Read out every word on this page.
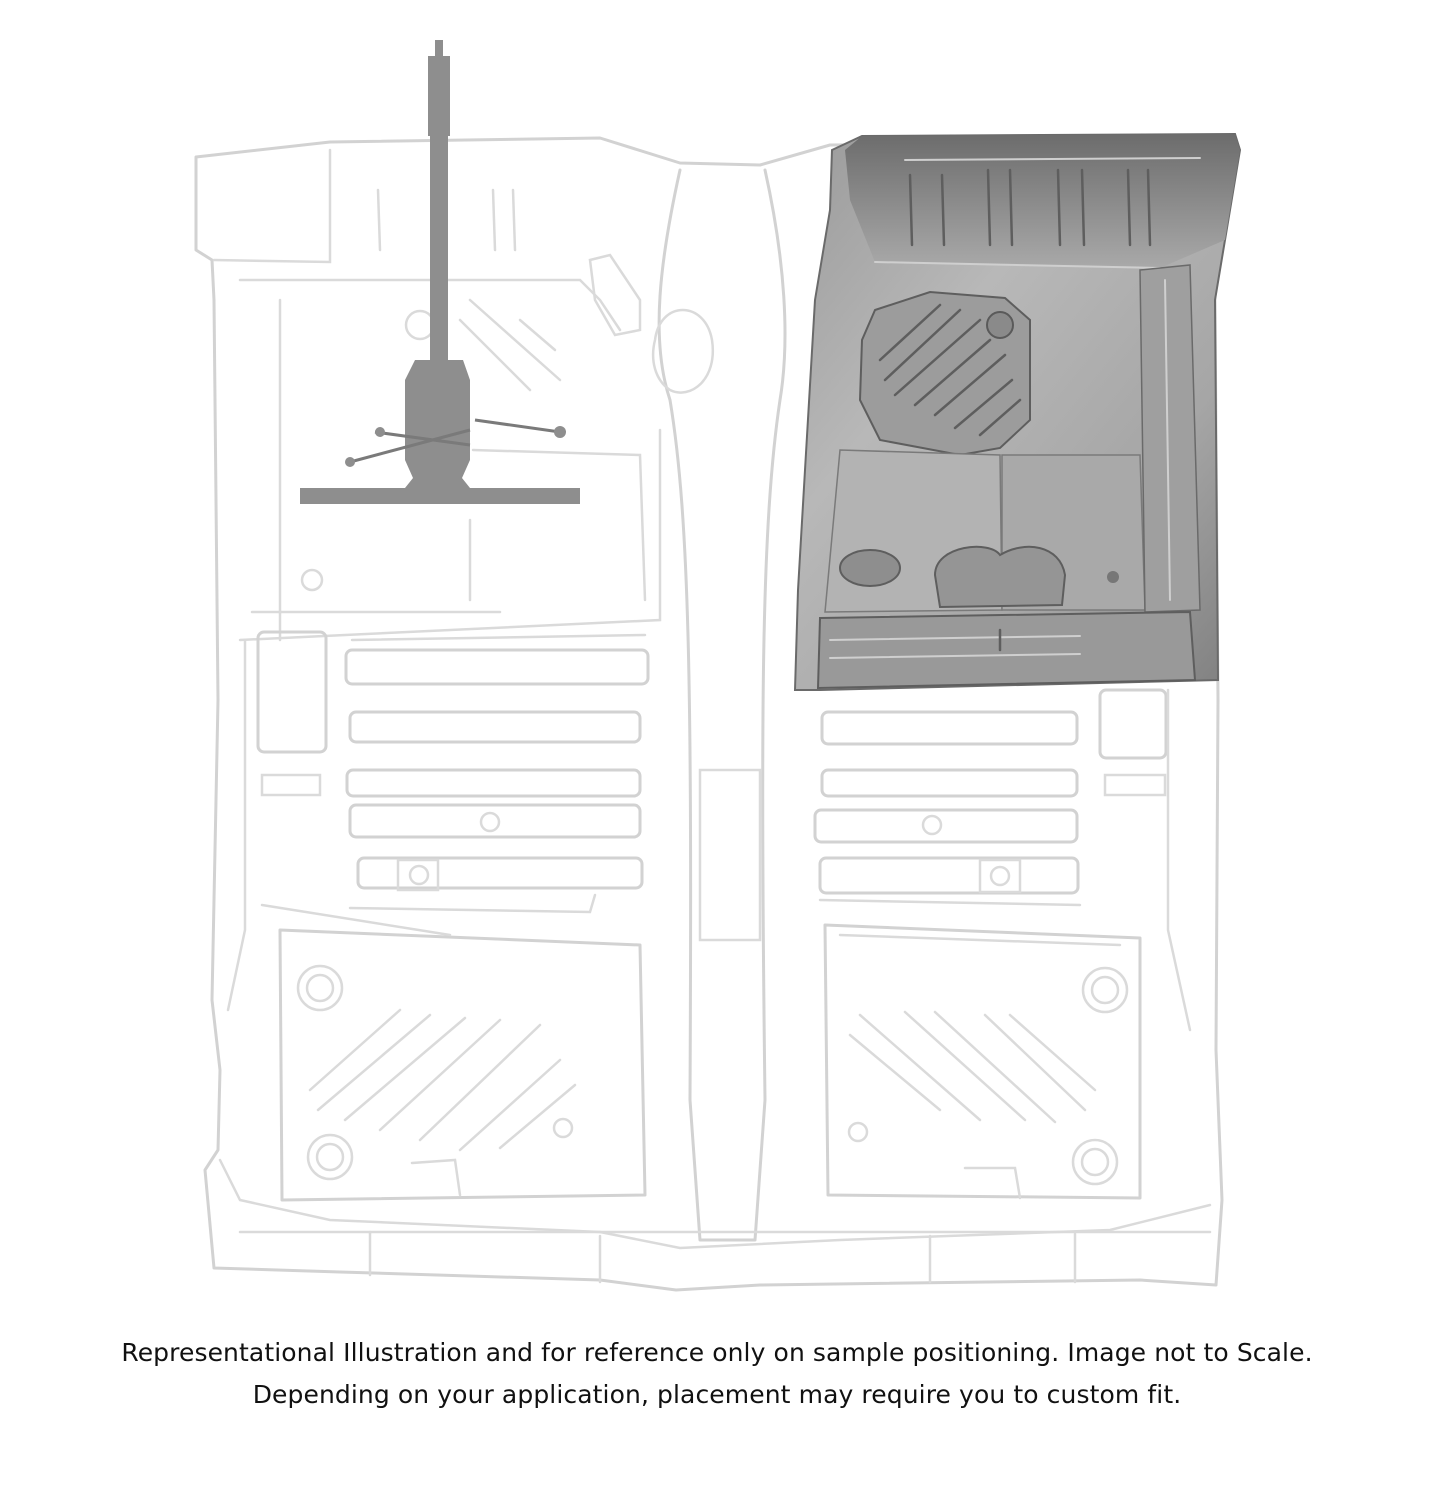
Representational Illustration and for reference only on sample positioning. Image not to Scale.
Depending on your application, placement may require you to custom fit.
